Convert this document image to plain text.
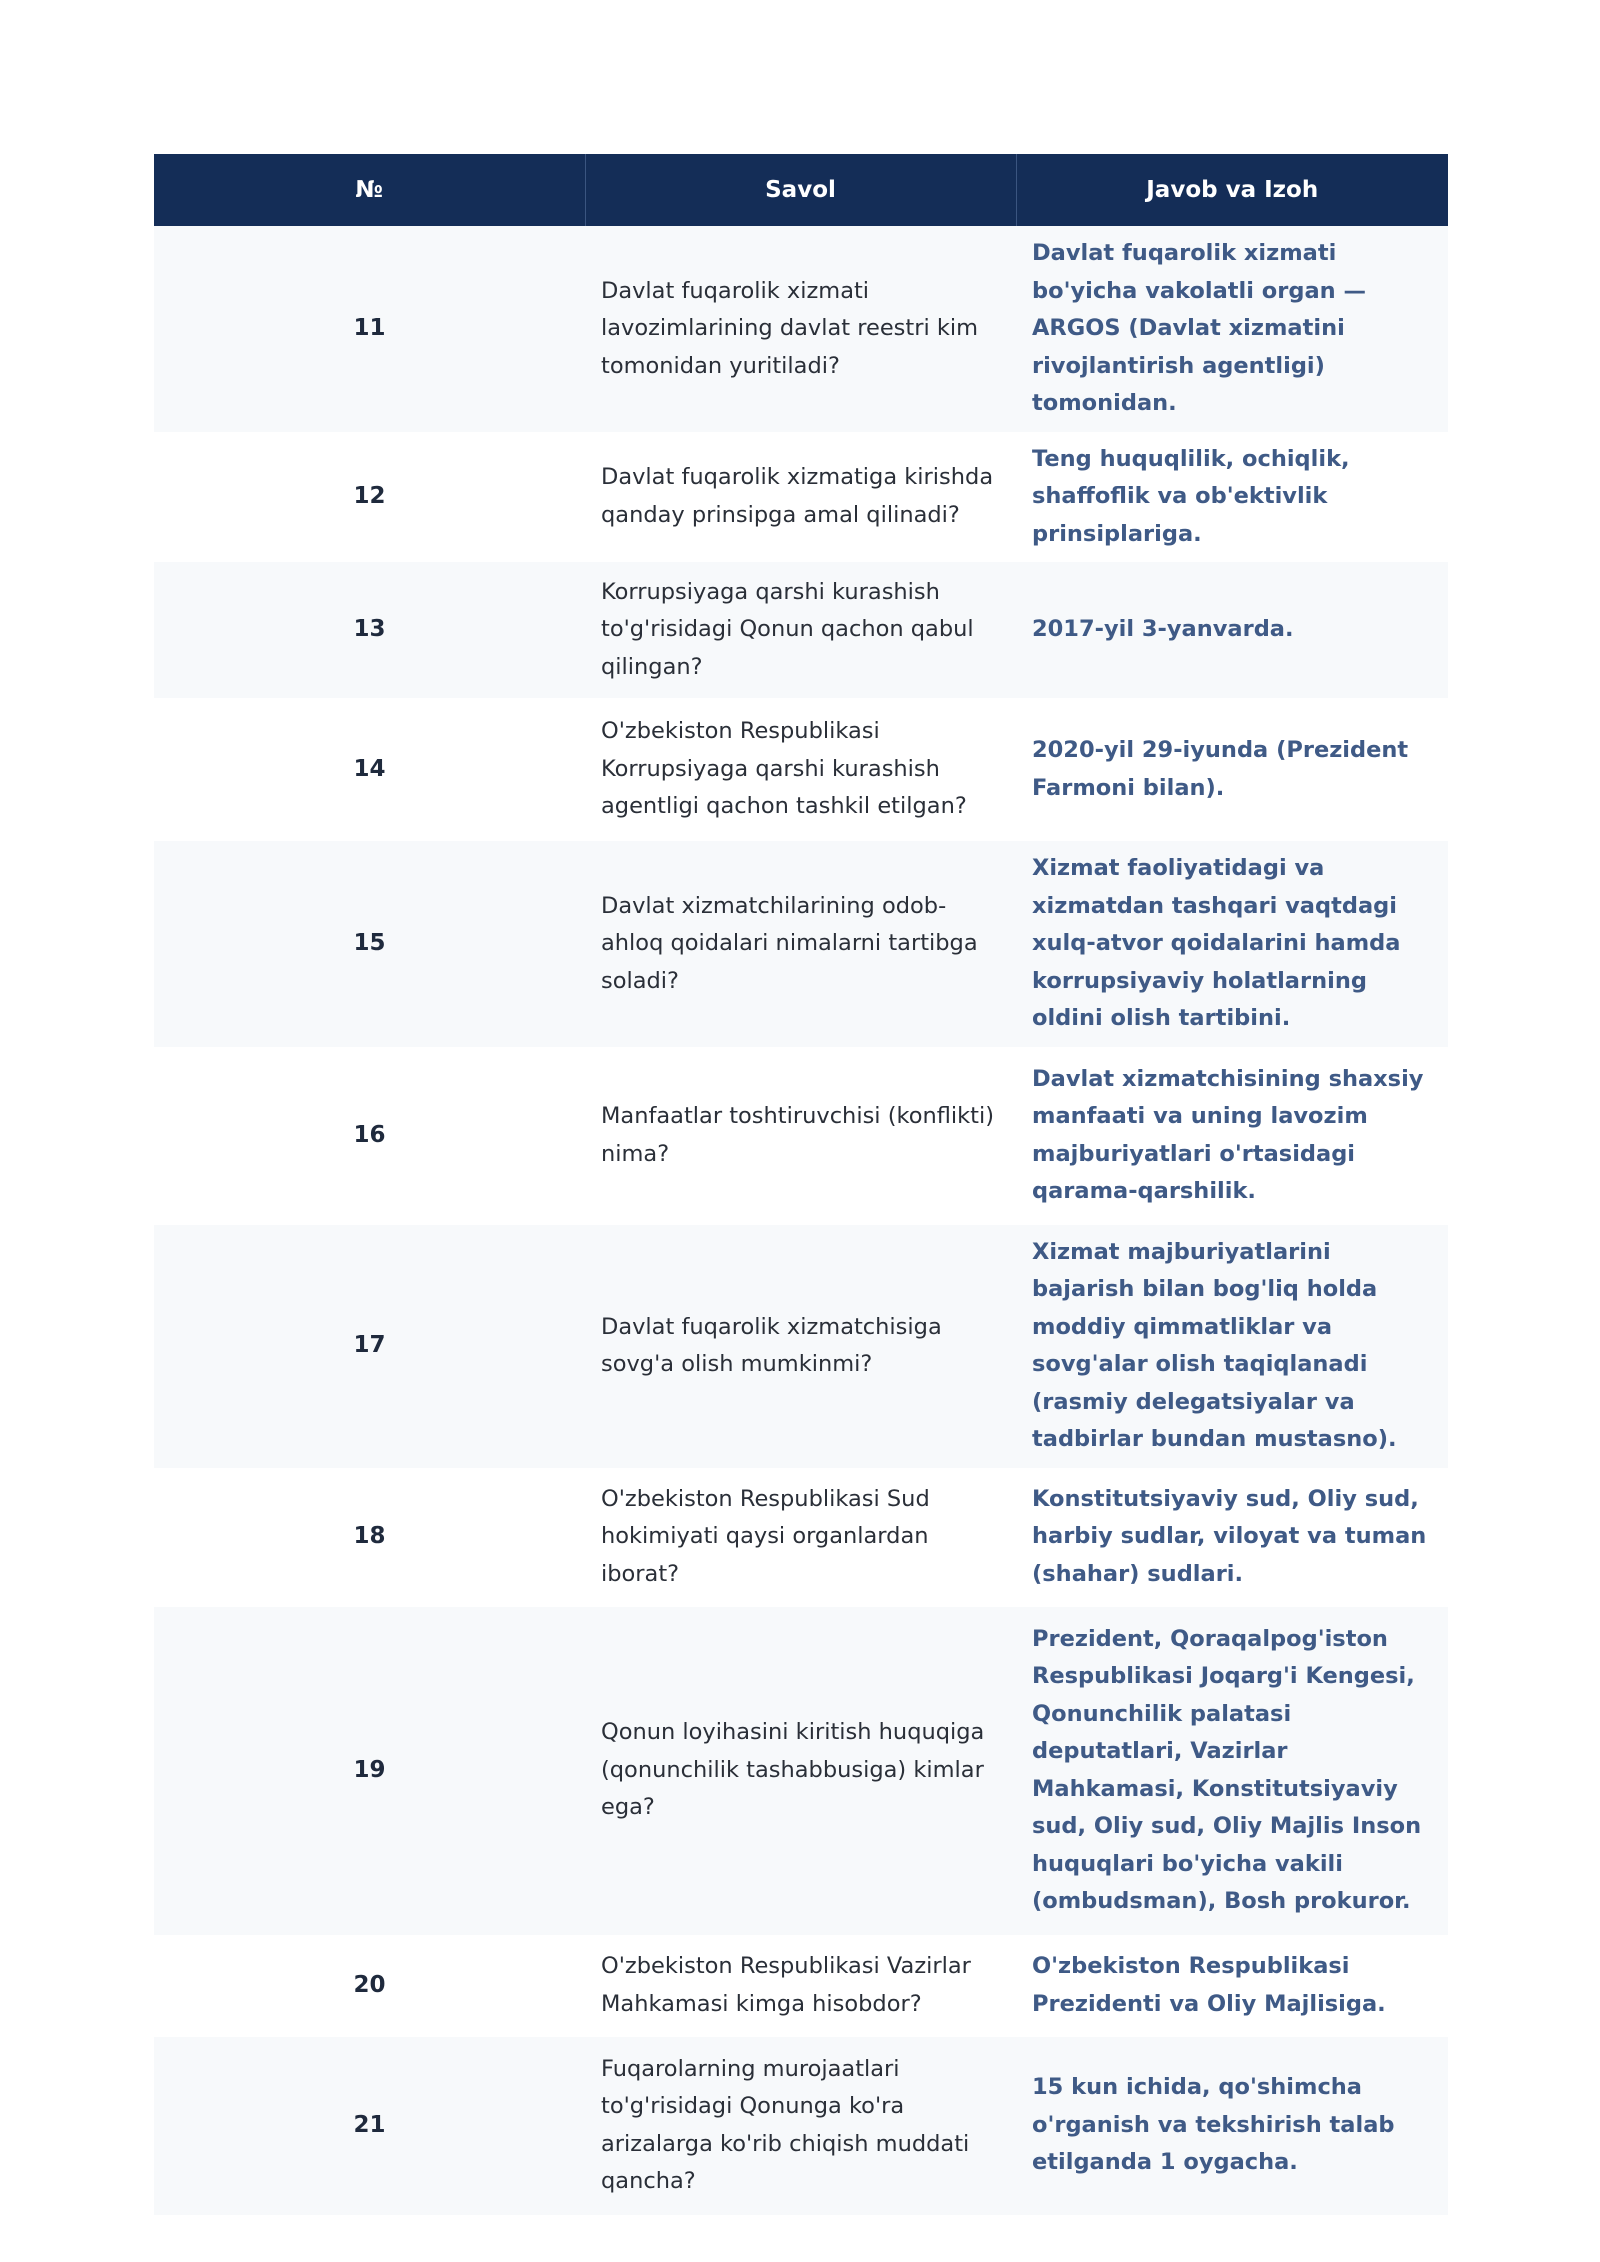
№	Savol	Javob va Izoh
11	Davlat fuqarolik xizmati lavozimlarining davlat reestri kim tomonidan yuritiladi?	Davlat fuqarolik xizmati bo'yicha vakolatli organ — ARGOS (Davlat xizmatini rivojlantirish agentligi) tomonidan.
12	Davlat fuqarolik xizmatiga kirishda qanday prinsipga amal qilinadi?	Teng huquqlilik, ochiqlik, shaffoflik va ob'ektivlik prinsiplariga.
13	Korrupsiyaga qarshi kurashish to'g'risidagi Qonun qachon qabul qilingan?	2017-yil 3-yanvarda.
14	O'zbekiston Respublikasi Korrupsiyaga qarshi kurashish agentligi qachon tashkil etilgan?	2020-yil 29-iyunda (Prezident Farmoni bilan).
15	Davlat xizmatchilarining odob-ahloq qoidalari nimalarni tartibga soladi?	Xizmat faoliyatidagi va xizmatdan tashqari vaqtdagi xulq-atvor qoidalarini hamda korrupsiyaviy holatlarning oldini olish tartibini.
16	Manfaatlar toshtiruvchisi (konflikti) nima?	Davlat xizmatchisining shaxsiy manfaati va uning lavozim majburiyatlari o'rtasidagi qarama-qarshilik.
17	Davlat fuqarolik xizmatchisiga sovg'a olish mumkinmi?	Xizmat majburiyatlarini bajarish bilan bog'liq holda moddiy qimmatliklar va sovg'alar olish taqiqlanadi (rasmiy delegatsiyalar va tadbirlar bundan mustasno).
18	O'zbekiston Respublikasi Sud hokimiyati qaysi organlardan iborat?	Konstitutsiyaviy sud, Oliy sud, harbiy sudlar, viloyat va tuman (shahar) sudlari.
19	Qonun loyihasini kiritish huquqiga (qonunchilik tashabbusiga) kimlar ega?	Prezident, Qoraqalpog'iston Respublikasi Joqarg'i Kengesi, Qonunchilik palatasi deputatlari, Vazirlar Mahkamasi, Konstitutsiyaviy sud, Oliy sud, Oliy Majlis Inson huquqlari bo'yicha vakili (ombudsman), Bosh prokuror.
20	O'zbekiston Respublikasi Vazirlar Mahkamasi kimga hisobdor?	O'zbekiston Respublikasi Prezidenti va Oliy Majlisiga.
21	Fuqarolarning murojaatlari to'g'risidagi Qonunga ko'ra arizalarga ko'rib chiqish muddati qancha?	15 kun ichida, qo'shimcha o'rganish va tekshirish talab etilganda 1 oygacha.
